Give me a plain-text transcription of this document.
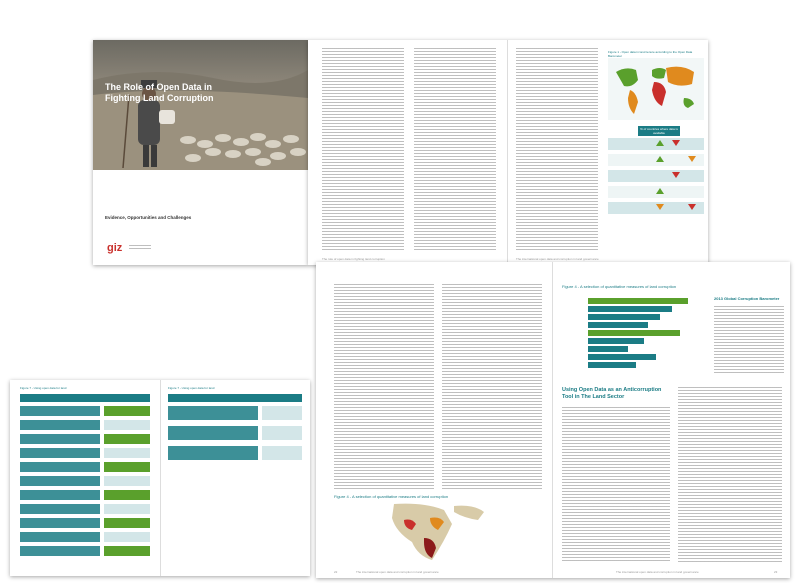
The Role of Open Data in Fighting Land Corruption
Evidence, Opportunities and Challenges
giz
The role of open data in fighting land corruption
Figure 1 - Open data in land tenure according to the Open Data Barometer
% of countries where data is available
The international open data and corruption in land governance
Figure 4 - A selection of quantitative measures of land corruption
Figure 4 - A selection of quantitative measures of land corruption
2013 Global Corruption Barometer
Using Open Data as an Anticorruption Tool in The Land Sector
22	The international open data and corruption in land governance	The international open data and corruption in land governance	23
Figure 7 - Using open data for land	Figure 7 - Using open data for land
